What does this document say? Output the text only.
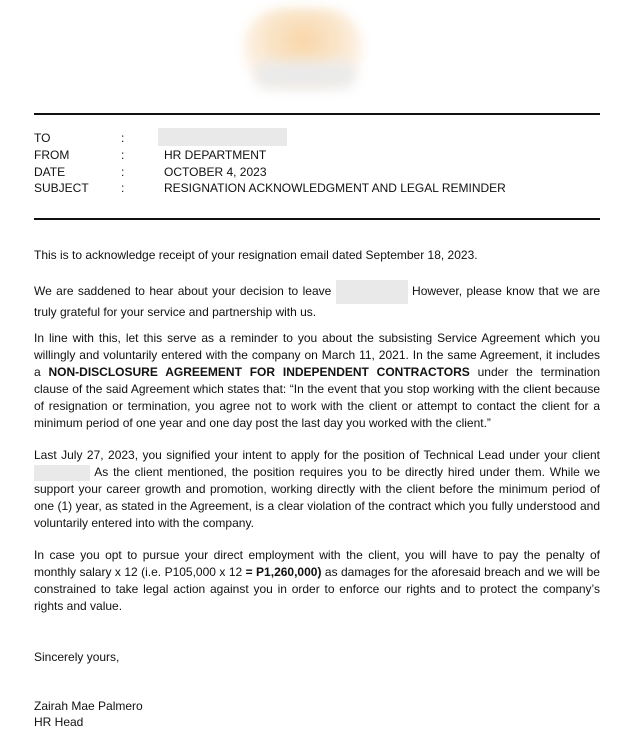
TO	:
FROM	:	HR DEPARTMENT
DATE	:	OCTOBER 4, 2023
SUBJECT	:	RESIGNATION ACKNOWLEDGMENT AND LEGAL REMINDER

This is to acknowledge receipt of your resignation email dated September 18, 2023.

We are saddened to hear about your decision to leave	However, please know that we are truly grateful for your service and partnership with us.

In line with this, let this serve as a reminder to you about the subsisting Service Agreement which you willingly and voluntarily entered with the company on March 11, 2021. In the same Agreement, it includes a NON-DISCLOSURE AGREEMENT FOR INDEPENDENT CONTRACTORS under the termination clause of the said Agreement which states that: “In the event that you stop working with the client because of resignation or termination, you agree not to work with the client or attempt to contact the client for a minimum period of one year and one day post the last day you worked with the client.”

Last July 27, 2023, you signified your intent to apply for the position of Technical Lead under your client  As the client mentioned, the position requires you to be directly hired under them. While we support your career growth and promotion, working directly with the client before the minimum period of one (1) year, as stated in the Agreement, is a clear violation of the contract which you fully understood and voluntarily entered into with the company.

In case you opt to pursue your direct employment with the client, you will have to pay the penalty of monthly salary x 12 (i.e. P105,000 x 12 = P1,260,000) as damages for the aforesaid breach and we will be constrained to take legal action against you in order to enforce our rights and to protect the company’s rights and value.

Sincerely yours,

Zairah Mae Palmero

HR Head
